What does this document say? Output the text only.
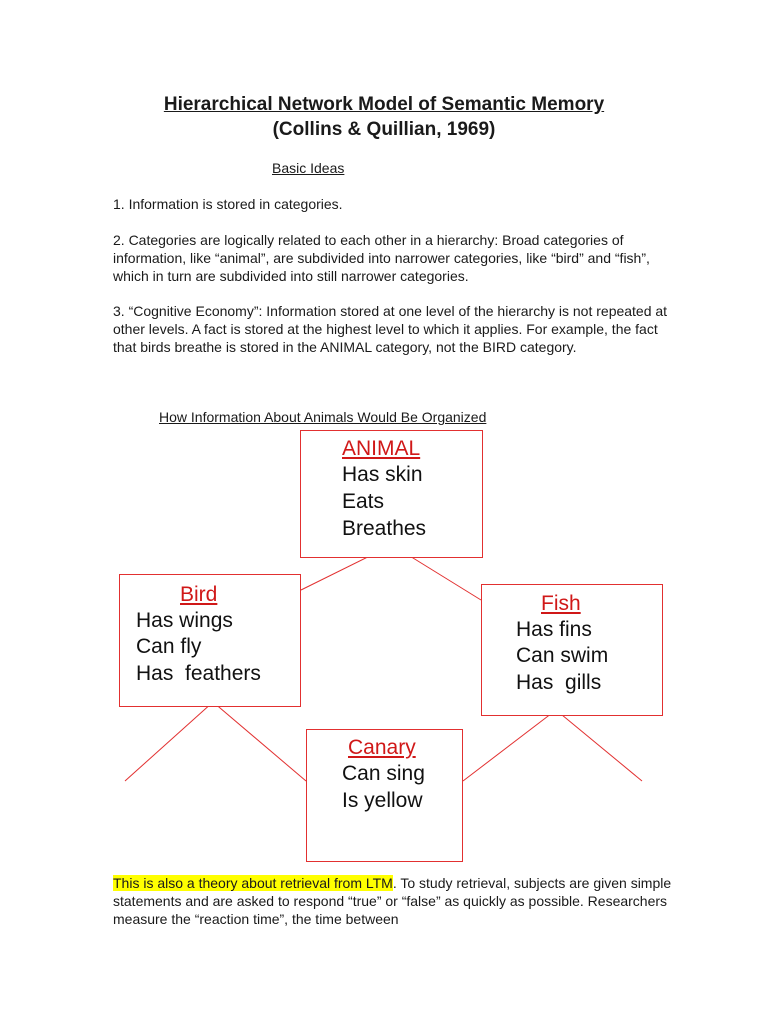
Hierarchical Network Model of Semantic Memory
(Collins & Quillian, 1969)
Basic Ideas

1. Information is stored in categories.

2. Categories are logically related to each other in a hierarchy: Broad categories of information, like “animal”, are subdivided into narrower categories, like “bird” and “fish”, which in turn are subdivided into still narrower categories.

3. “Cognitive Economy”: Information stored at one level of the hierarchy is not repeated at other levels. A fact is stored at the highest level to which it applies. For example, the fact that birds breathe is stored in the ANIMAL category, not the BIRD category.

How Information About Animals Would Be Organized
ANIMAL
Has skin
Eats
Breathes
Bird
Has wings
Can fly
Has  feathers
Fish
Has fins
Can swim
Has  gills
Canary
Can sing
Is yellow

This is also a theory about retrieval from LTM. To study retrieval, subjects are given simple statements and are asked to respond “true” or “false” as quickly as possible. Researchers measure the “reaction time”, the time between
